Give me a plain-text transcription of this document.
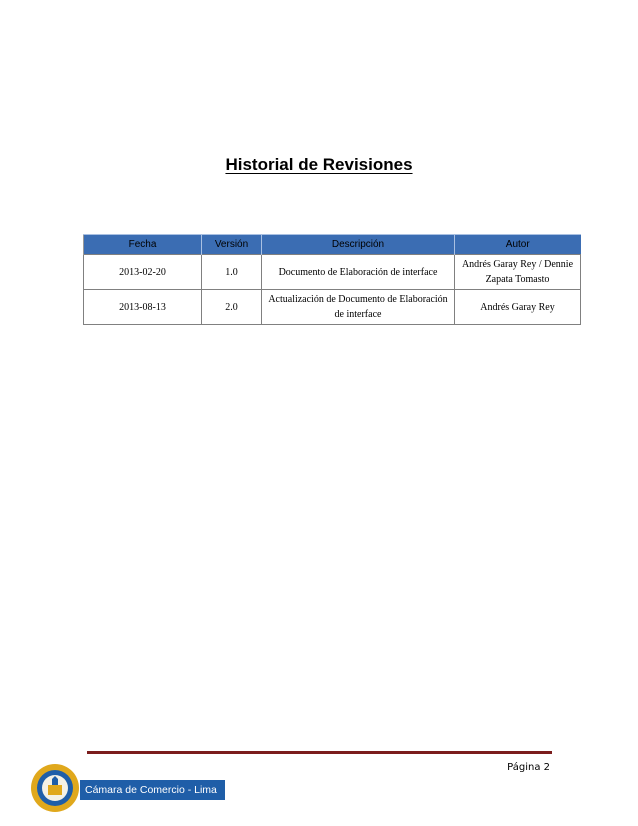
Historial de Revisiones
Fecha	Versión	Descripción	Autor
2013-02-20	1.0	Documento de Elaboración de interface	Andrés Garay Rey / Dennie Zapata Tomasto
2013-08-13	2.0	Actualización de Documento de Elaboración de interface	Andrés Garay Rey
Página 2
Cámara de Comercio - Lima
